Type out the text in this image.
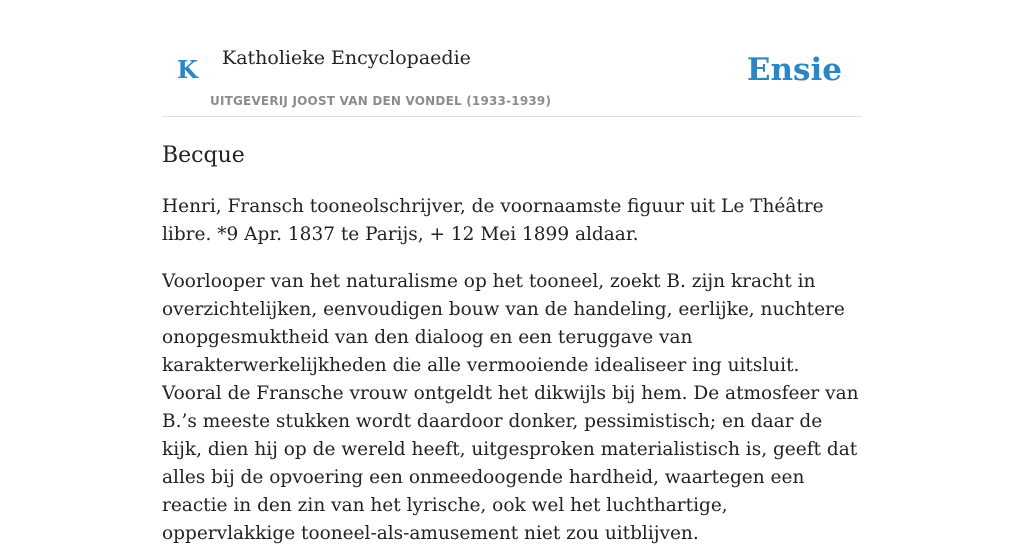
K Katholieke Encyclopaedie
UITGEVERIJ JOOST VAN DEN VONDEL (1933-1939)
Ensie
Becque

Henri, Fransch tooneolschrijver, de voornaamste figuur uit Le Théâtre libre. *9 Apr. 1837 te Parijs, + 12 Mei 1899 aldaar.

Voorlooper van het naturalisme op het tooneel, zoekt B. zijn kracht in overzichtelijken, eenvoudigen bouw van de handeling, eerlijke, nuchtere onopgesmuktheid van den dialoog en een teruggave van karakterwerkelijkheden die alle vermooiende idealiseer ing uitsluit. Vooral de Fransche vrouw ontgeldt het dikwijls bij hem. De atmosfeer van B.’s meeste stukken wordt daardoor donker, pessimistisch; en daar de kijk, dien hij op de wereld heeft, uitgesproken materialistisch is, geeft dat alles bij de opvoering een onmeedoogende hardheid, waartegen een reactie in den zin van het lyrische, ook wel het luchthartige, oppervlakkige tooneel-als-amusement niet zou uitblijven.
